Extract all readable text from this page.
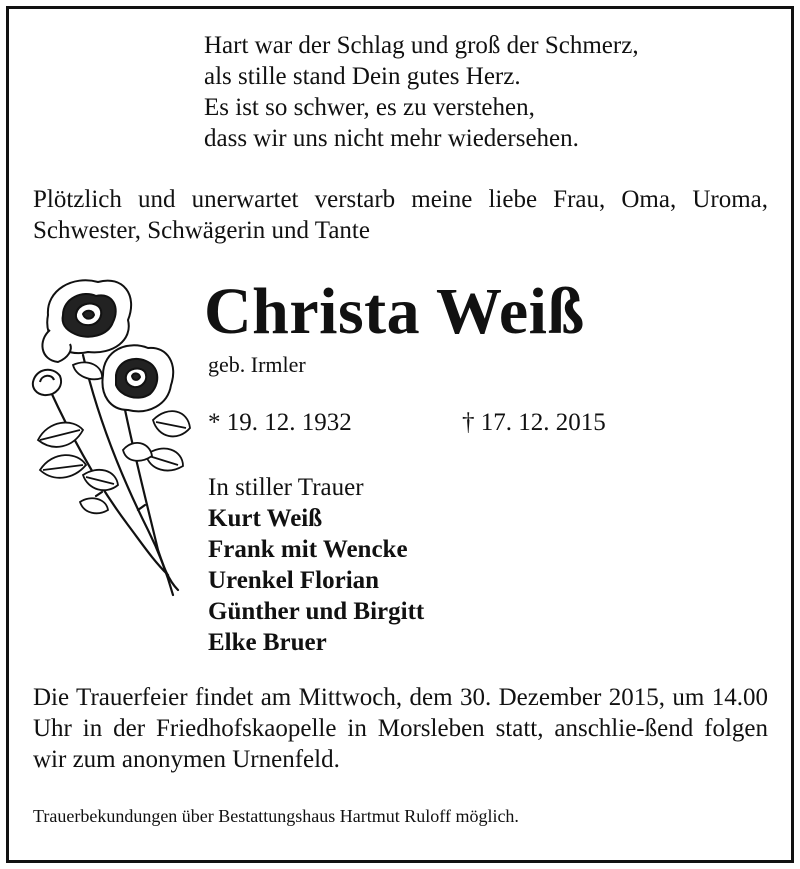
Hart war der Schlag und groß der Schmerz,
als stille stand Dein gutes Herz.
Es ist so schwer, es zu verstehen,
dass wir uns nicht mehr wiedersehen.

Plötzlich und unerwartet verstarb meine liebe Frau, Oma, Uroma, Schwester, Schwägerin und Tante

Christa Weiß
geb. Irmler
* 19. 12. 1932	† 17. 12. 2015
In stiller Trauer
Kurt Weiß
Frank mit Wencke
Urenkel Florian
Günther und Birgitt
Elke Bruer

Die Trauerfeier findet am Mittwoch, dem 30. Dezember 2015, um 14.00 Uhr in der Friedhofskaopelle in Morsleben statt, anschlie-ßend folgen wir zum anonymen Urnenfeld.

Trauerbekundungen über Bestattungshaus Hartmut Ruloff möglich.
